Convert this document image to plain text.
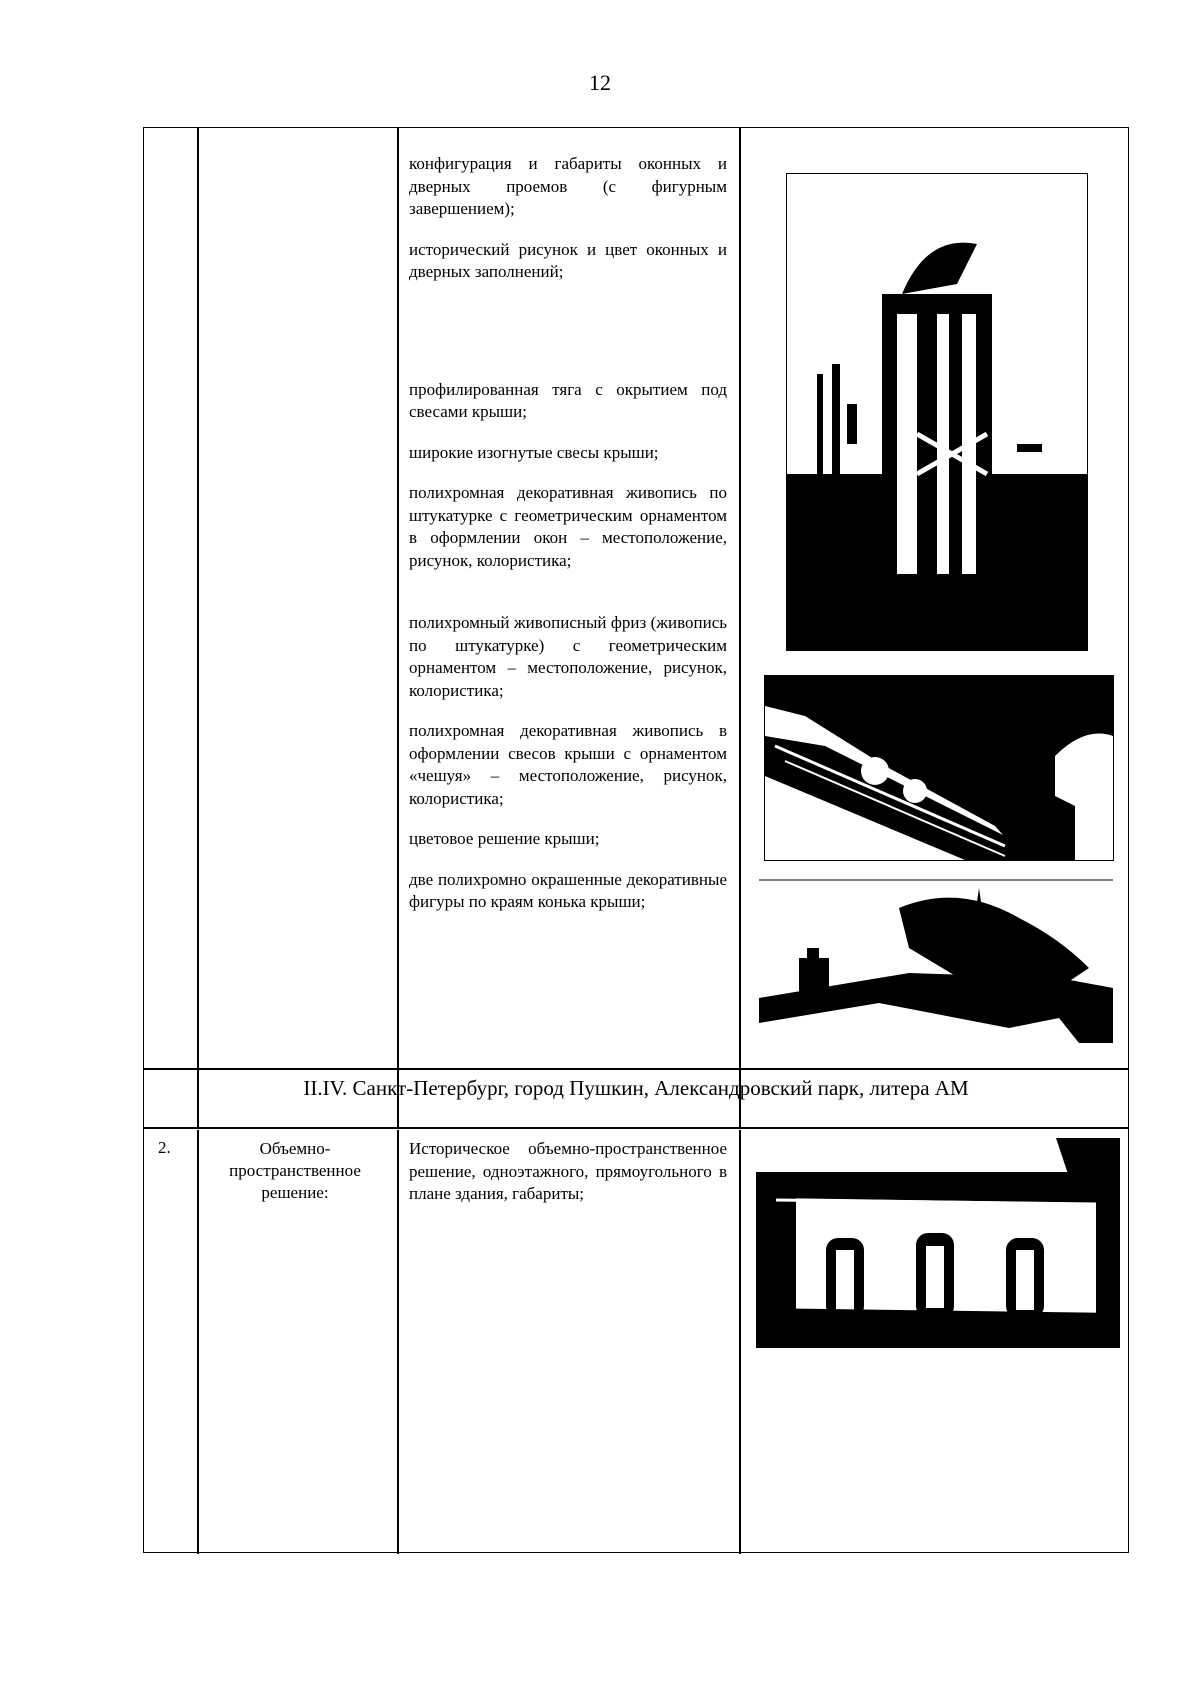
12

конфигурация и габариты оконных и дверных проемов (с фигурным завершением);

исторический рисунок и цвет оконных и дверных заполнений;

профилированная тяга с окрытием под свесами крыши;

широкие изогнутые свесы крыши;

полихромная декоративная живопись по штукатурке с геометрическим орнаментом в оформлении окон – местоположение, рисунок, колористика;

полихромный живописный фриз (живопись по штукатурке) с геометрическим орнаментом – местоположение, рисунок, колористика;

полихромная декоративная живопись в оформлении свесов крыши с орнаментом «чешуя» – местоположение, рисунок, колористика;

цветовое решение крыши;

две полихромно окрашенные декоративные фигуры по краям конька крыши;

II.IV. Санкт-Петербург, город Пушкин, Александровский парк, литера АМ
2.	Объемно-пространственное решение:

Историческое объемно-пространственное решение, одноэтажного, прямоугольного в плане здания, габариты;
